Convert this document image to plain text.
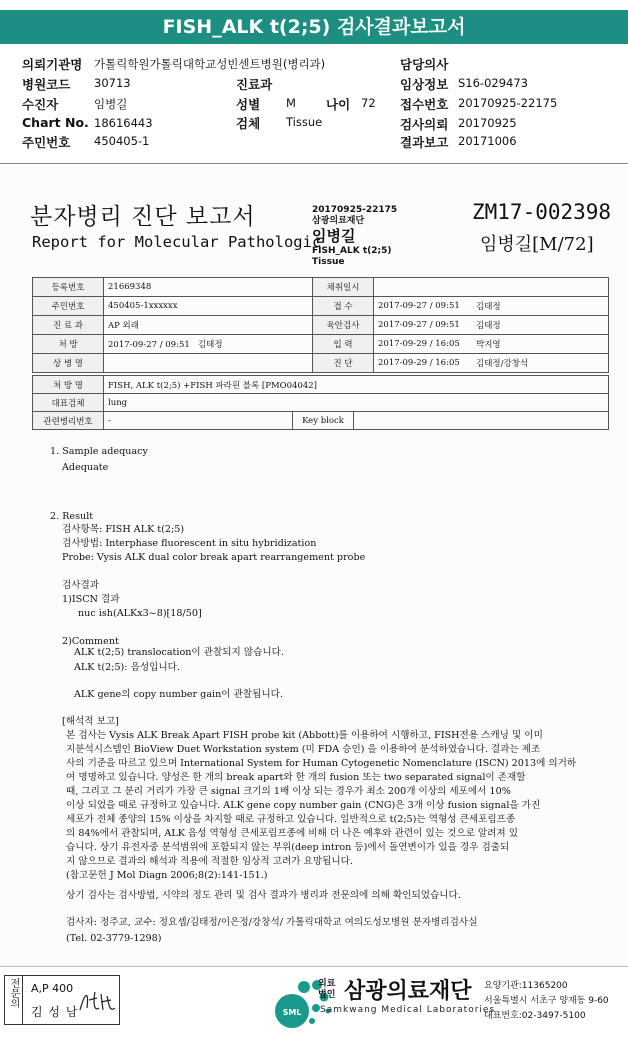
FISH_ALK t(2;5) 검사결과보고서
의뢰기관명 가톨릭학원가톨릭대학교성빈센트병원(병리과)	담당의사
병원코드 30713	진료과	임상정보 S16-029473
수진자	임병길	성별 M 나이 72 접수번호 20170925-22175
Chart No. 18616443	검체 Tissue	검사의뢰 20170925
주민번호 450405-1	결과보고 20171006
분자병리 진단 보고서
Report for Molecular Pathologic
20170925-22175
삼광의료재단
임병길
FISH_ALK t(2;5)
Tissue
ZM17-002398
임병길[M/72]
등록번호	21669348	채취일시		
주민번호	450405-1xxxxxx	접 수	2017-09-27 / 09:51	김태정
진 료 과	AP 외래	육안검사	2017-09-27 / 09:51	김태정
처 방	2017-09-27 / 09:51 김태정	입 력	2017-09-29 / 16:05	박지영
상 병 명		진 단	2017-09-29 / 16:05	김태정/강창석
처 방 명	FISH, ALK t(2;5) +FISH 파라핀 블록 [PMO04042]		
대표검체	lung		
관련병리번호	-	Key block	
1. Sample adequacy
Adequate
2. Result
검사항목: FISH ALK t(2;5)
검사방법: Interphase fluorescent in situ hybridization
Probe: Vysis ALK dual color break apart rearrangement probe
검사결과
1)ISCN 결과
nuc ish(ALKx3~8)[18/50]
2)Comment
ALK t(2;5) translocation이 관찰되지 않습니다.
ALK t(2;5): 음성입니다.
ALK gene의 copy number gain이 관찰됩니다.
[해석적 보고]
본 검사는 Vysis ALK Break Apart FISH probe kit (Abbott)를 이용하여 시행하고, FISH전용 스캐닝 및 이미
지분석시스템인 BioView Duet Workstation system (미 FDA 승인) 을 이용하여 분석하였습니다. 결과는 제조
사의 기준을 따르고 있으며 International System for Human Cytogenetic Nomenclature (ISCN) 2013에 의거하
여 명명하고 있습니다. 양성은 한 개의 break apart와 한 개의 fusion 또는 two separated signal이 존재할
때, 그리고 그 분리 거리가 가장 큰 signal 크기의 1배 이상 되는 경우가 최소 200개 이상의 세포에서 10%
이상 되었을 때로 규정하고 있습니다. ALK gene copy number gain (CNG)은 3개 이상 fusion signal을 가진
세포가 전체 종양의 15% 이상을 차지할 때로 규정하고 있습니다. 일반적으로 t(2;5)는 역형성 큰세포림프종
의 84%에서 관찰되며, ALK 음성 역형성 큰세포림프종에 비해 더 나은 예후와 관련이 있는 것으로 알려져 있
습니다. 상기 유전자중 분석범위에 포함되지 않는 부위(deep intron 등)에서 돌연변이가 있을 경우 검출되
지 않으므로 결과의 해석과 적용에 적절한 임상적 고려가 요망됩니다.
(참고문헌 J Mol Diagn 2006;8(2):141-151.)
상기 검사는 검사방법, 시약의 정도 관리 및 검사 결과가 병리과 전문의에 의해 확인되었습니다.
검사자: 정주교, 교수: 정요셉/김태정/이은정/강창석/ 가톨릭대학교 여의도성모병원 분자병리검사실
(Tel. 02-3779-1298)
전문의	A,P 400
김 성 남	SML
의료법인 삼광의료재단
Samkwang Medical Laboratories
요양기관:11365200
서울특별시 서초구 양재동 9-60
대표번호:02-3497-5100
